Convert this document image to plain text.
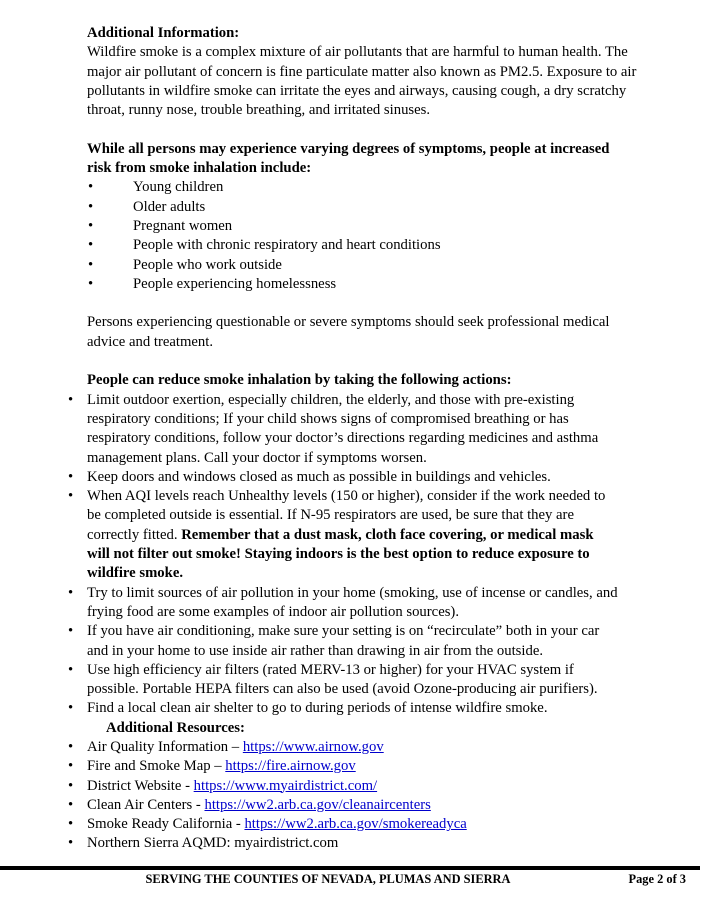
Additional Information:
Wildfire smoke is a complex mixture of air pollutants that are harmful to human health. The major air pollutant of concern is fine particulate matter also known as PM2.5. Exposure to air pollutants in wildfire smoke can irritate the eyes and airways, causing cough, a dry scratchy throat, runny nose, trouble breathing, and irritated sinuses.
While all persons may experience varying degrees of symptoms, people at increased risk from smoke inhalation include:
•	Young children
•	Older adults
•	Pregnant women
•	People with chronic respiratory and heart conditions
•	People who work outside
•	People experiencing homelessness
Persons experiencing questionable or severe symptoms should seek professional medical advice and treatment.
People can reduce smoke inhalation by taking the following actions:
• Limit outdoor exertion, especially children, the elderly, and those with pre-existing respiratory conditions; If your child shows signs of compromised breathing or has respiratory conditions, follow your doctor’s directions regarding medicines and asthma management plans. Call your doctor if symptoms worsen.
• Keep doors and windows closed as much as possible in buildings and vehicles.
• When AQI levels reach Unhealthy levels (150 or higher), consider if the work needed to be completed outside is essential. If N-95 respirators are used, be sure that they are correctly fitted. Remember that a dust mask, cloth face covering, or medical mask will not filter out smoke! Staying indoors is the best option to reduce exposure to wildfire smoke.
• Try to limit sources of air pollution in your home (smoking, use of incense or candles, and frying food are some examples of indoor air pollution sources).
• If you have air conditioning, make sure your setting is on “recirculate” both in your car and in your home to use inside air rather than drawing in air from the outside.
• Use high efficiency air filters (rated MERV-13 or higher) for your HVAC system if possible. Portable HEPA filters can also be used (avoid Ozone-producing air purifiers).
• Find a local clean air shelter to go to during periods of intense wildfire smoke.
Additional Resources:
• Air Quality Information – https://www.airnow.gov
• Fire and Smoke Map – https://fire.airnow.gov
• District Website - https://www.myairdistrict.com/
• Clean Air Centers - https://ww2.arb.ca.gov/cleanaircenters
• Smoke Ready California - https://ww2.arb.ca.gov/smokereadyca
• Northern Sierra AQMD: myairdistrict.com
SERVING THE COUNTIES OF NEVADA, PLUMAS AND SIERRA	Page 2 of 3
